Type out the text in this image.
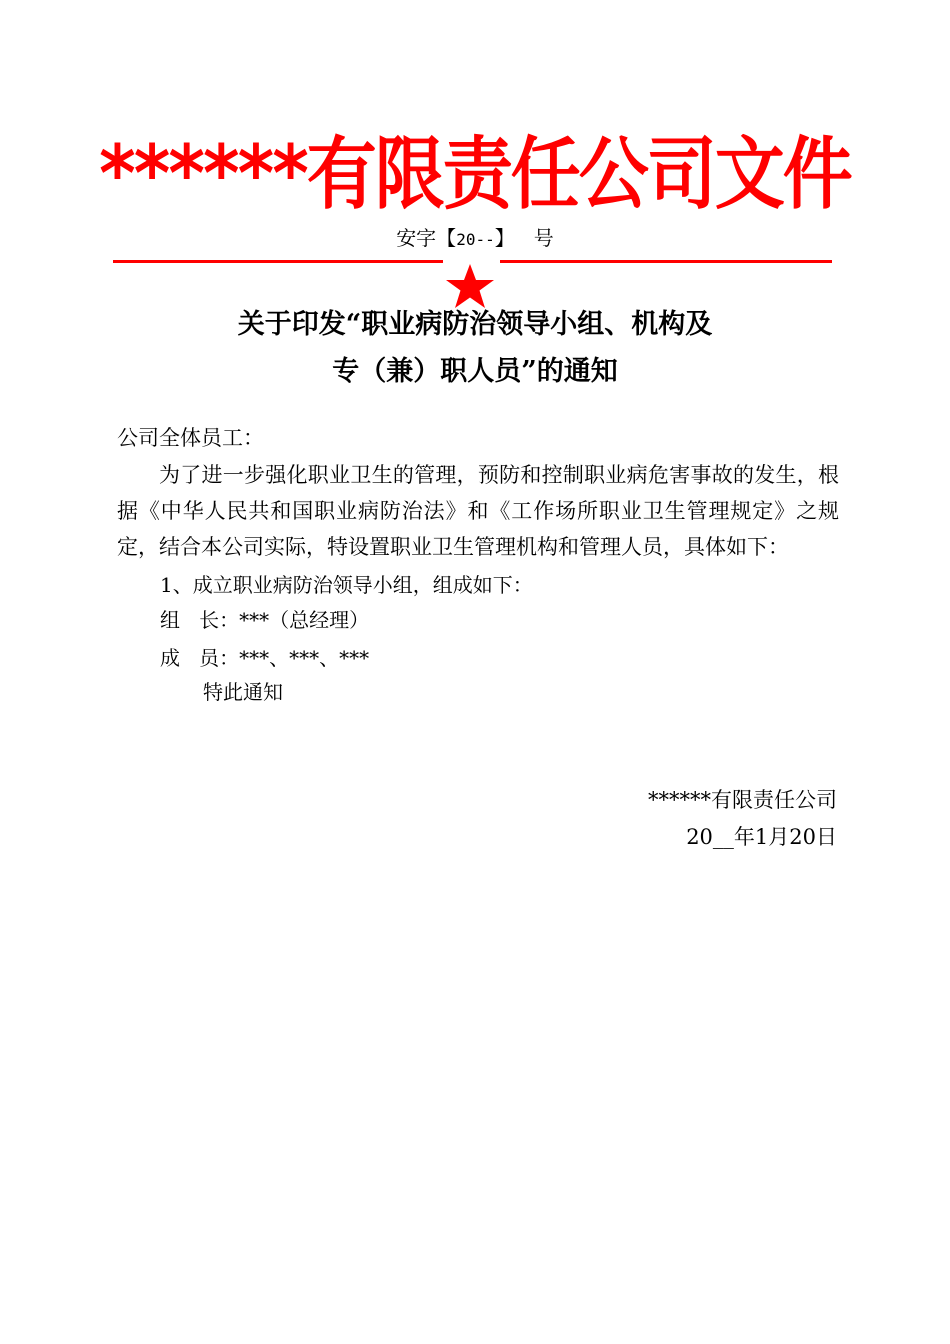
******有限责任公司文件
安字【20--】   号
关于印发“职业病防治领导小组、机构及
专（兼）职人员”的通知
公司全体员工：
为了进一步强化职业卫生的管理，预防和控制职业病危害事故的发生，根据《中华人民共和国职业病防治法》和《工作场所职业卫生管理规定》之规定，结合本公司实际，特设置职业卫生管理机构和管理人员，具体如下：
1、成立职业病防治领导小组，组成如下：
组   长：***（总经理）
成   员：***、***、***
特此通知
******有限责任公司
20__年1月20日
